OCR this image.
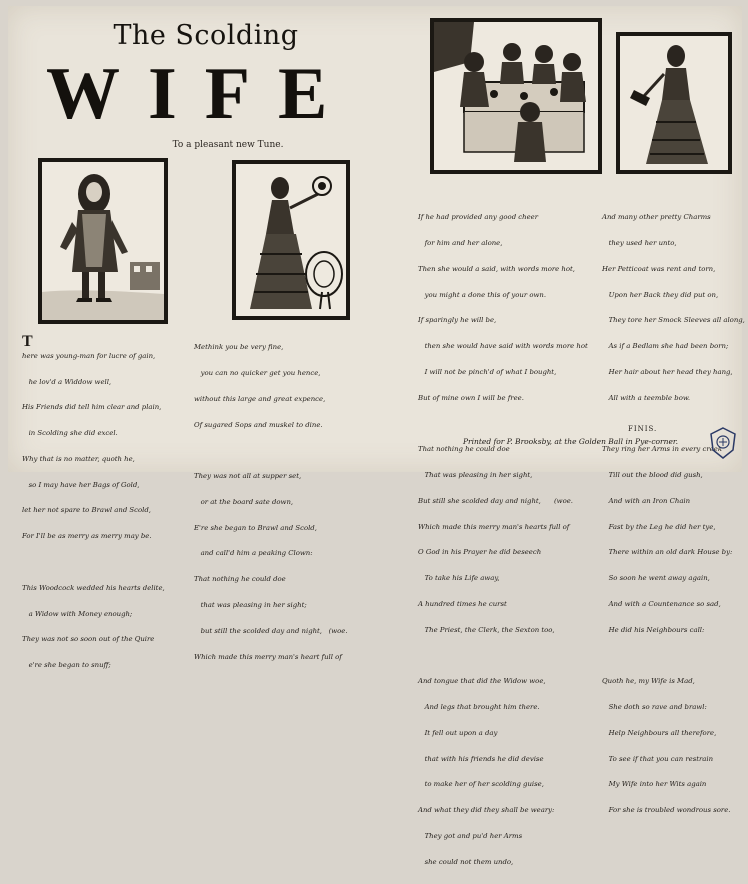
The Scolding
WIFE
To a pleasant new Tune.

T

here was young-man for lucre of gain,

he lov'd a Widdow well,

His Friends did tell him clear and plain,

in Scolding she did excel.

Why that is no matter, quoth he,

so I may have her Bags of Gold,

let her not spare to Brawl and Scold,

For I'll be as merry as merry may be.

This Woodcock wedded his hearts delite,

a Widow with Money enough;

They was not so soon out of the Quire

e're she began to snuff;

Methink you be very fine,

you can no quicker get you hence,

without this large and great expence,

Of sugared Sops and muskel to dine.

They was not all at supper set,

or at the board sate down,

E're she began to Brawl and Scold,

and call'd him a peaking Clown:

That nothing he could doe

that was pleasing in her sight;

but still the scolded day and night,   (woe.

Which made this merry man's heart full of

If he had provided any good cheer

for him and her alone,

Then she would a said, with words more hot,

you might a done this of your own.

If sparingly he will be,

then she would have said with words more hot

I will not be pinch'd of what I bought,

But of mine own I will be free.

That nothing he could doe

That was pleasing in her sight,

But still she scolded day and night,      (woe.

Which made this merry man's hearts full of

O God in his Prayer he did beseech

To take his Life away,

A hundred times he curst

The Priest, the Clerk, the Sexton too,

And tongue that did the Widow woe,

And legs that brought him there.

It fell out upon a day

that with his friends he did devise

to make her of her scolding guise,

And what they did they shall be weary:

They got and pu'd her Arms

she could not them undo,

And many other pretty Charms

they used her unto,

Her Petticoat was rent and torn,

Upon her Back they did put on,

They tore her Smock Sleeves all along,

As if a Bedlam she had been born;

Her hair about her head they hang,

All with a teemble bow.

They ring her Arms in every creek

Till out the blood did gush,

And with an Iron Chain

Fast by the Leg he did her tye,

There within an old dark House by:

So soon he went away again,

And with a Countenance so sad,

He did his Neighbours call:

Quoth he, my Wife is Mad,

She doth so rave and brawl:

Help Neighbours all therefore,

To see if that you can restrain

My Wife into her Wits again

For she is troubled wondrous sore.

FINIS.
Printed for P. Brooksby, at the Golden Ball in Pye-corner.
